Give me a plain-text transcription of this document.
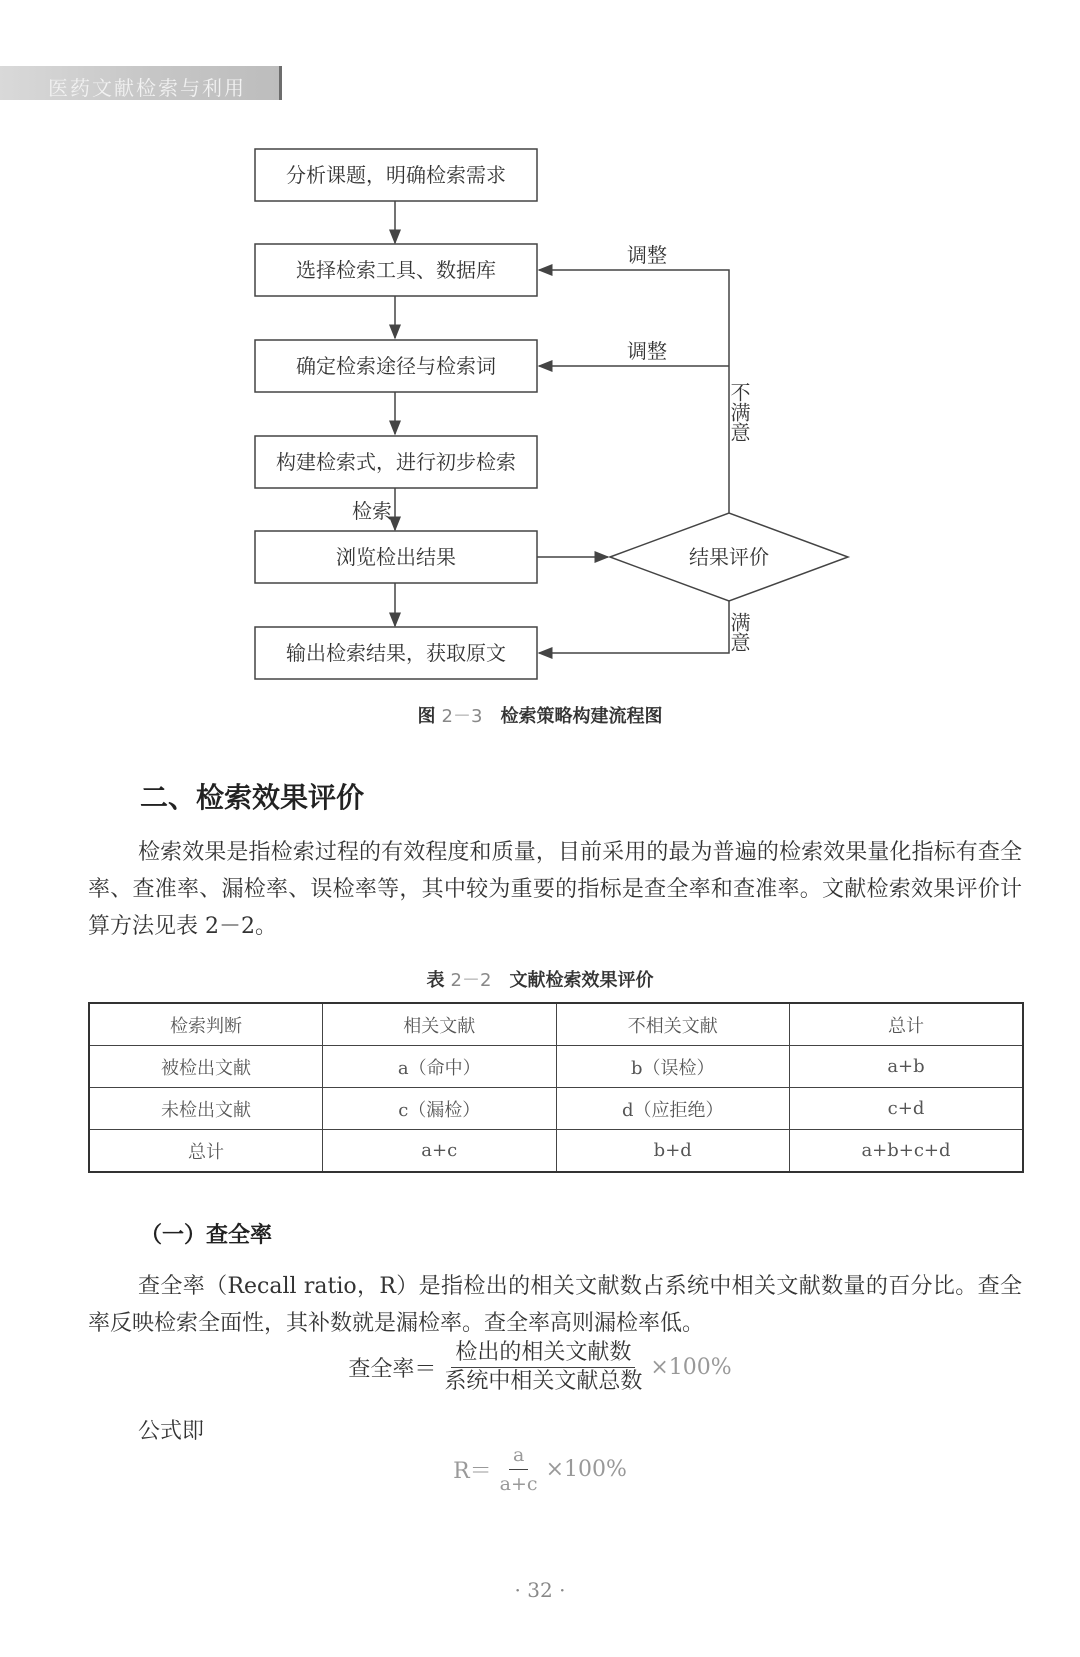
医药文献检索与利用
分析课题，明确检索需求
选择检索工具、数据库
确定检索途径与检索词
构建检索式，进行初步检索
浏览检出结果
输出检索结果，获取原文
结果评价
调整
调整
检索
不满意
满意
图 2－3 检索策略构建流程图
二、检索效果评价

检索效果是指检索过程的有效程度和质量，目前采用的最为普遍的检索效果量化指标有查全率、查准率、漏检率、误检率等，其中较为重要的指标是查全率和查准率。文献检索效果评价计算方法见表 2－2。

表 2－2 文献检索效果评价
检索判断	相关文献	不相关文献	总计
被检出文献	a（命中）	b（误检）	a+b
未检出文献	c（漏检）	d（应拒绝）	c+d
总计	a+c	b+d	a+b+c+d
（一）查全率

查全率（Recall ratio，R）是指检出的相关文献数占系统中相关文献数量的百分比。查全率反映检索全面性，其补数就是漏检率。查全率高则漏检率低。

查全率＝ $\frac{\text{检出的相关文献数}}{\text{系统中相关文献总数}} \times 100\%$
公式即
$R= \frac{a}{a+c} \times 100\%$
· 32 ·
